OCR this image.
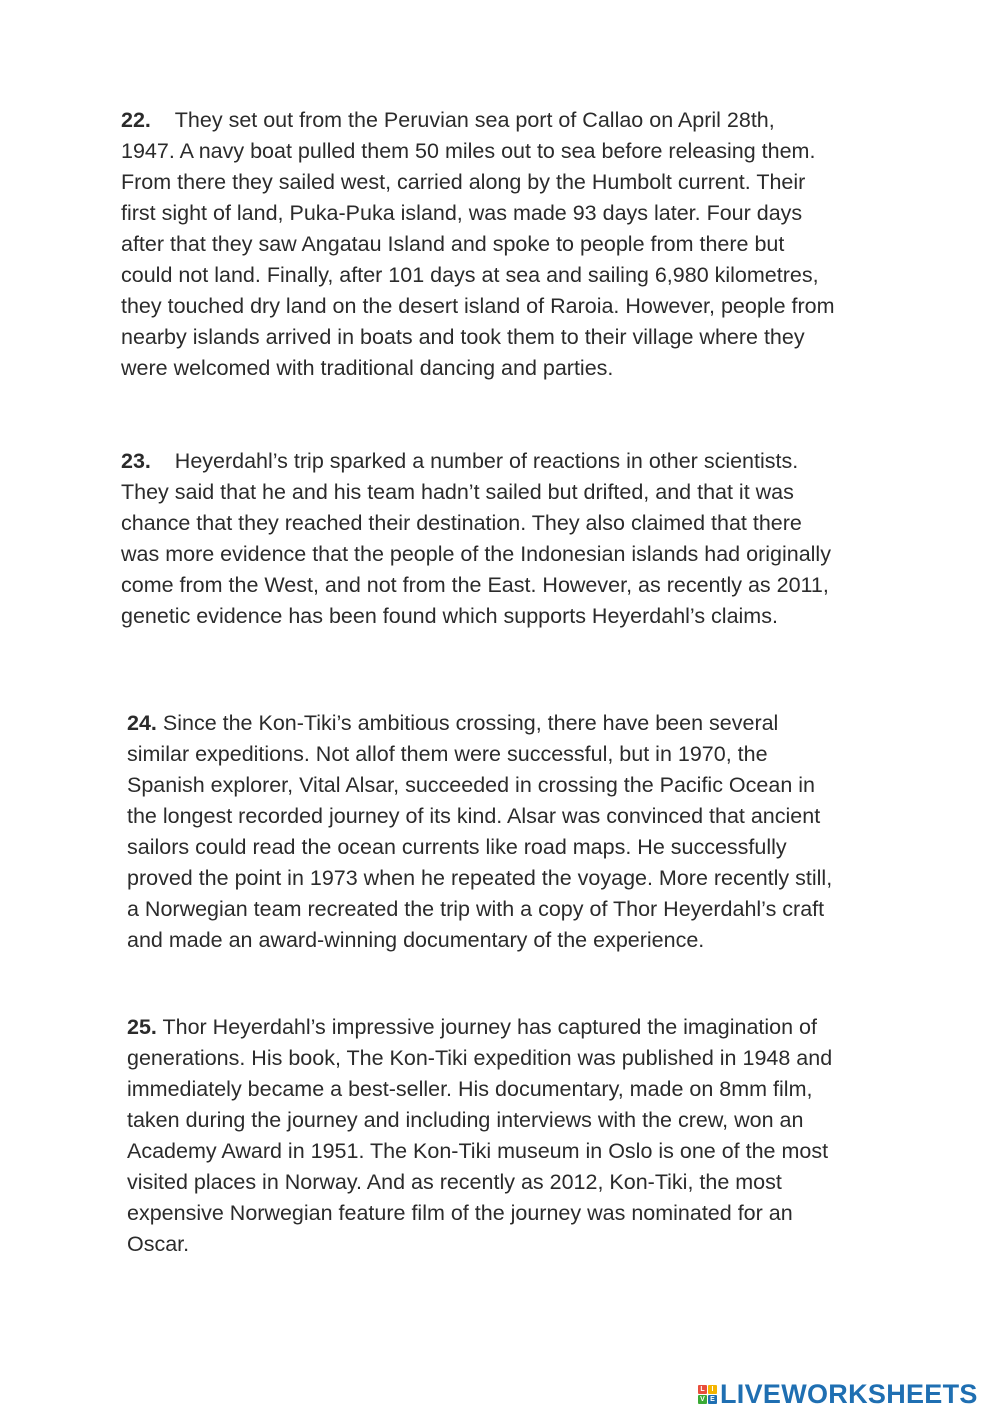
22. They set out from the Peruvian sea port of Callao on April 28th,
1947. A navy boat pulled them 50 miles out to sea before releasing them.
From there they sailed west, carried along by the Humbolt current. Their
first sight of land, Puka-Puka island, was made 93 days later. Four days
after that they saw Angatau Island and spoke to people from there but
could not land. Finally, after 101 days at sea and sailing 6,980 kilometres,
they touched dry land on the desert island of Raroia. However, people from
nearby islands arrived in boats and took them to their village where they
were welcomed with traditional dancing and parties.

23. Heyerdahl’s trip sparked a number of reactions in other scientists.
They said that he and his team hadn’t sailed but drifted, and that it was
chance that they reached their destination. They also claimed that there
was more evidence that the people of the Indonesian islands had originally
come from the West, and not from the East. However, as recently as 2011,
genetic evidence has been found which supports Heyerdahl’s claims.

24. Since the Kon-Tiki’s ambitious crossing, there have been several
similar expeditions. Not allof them were successful, but in 1970, the
Spanish explorer, Vital Alsar, succeeded in crossing the Pacific Ocean in
the longest recorded journey of its kind. Alsar was convinced that ancient
sailors could read the ocean currents like road maps. He successfully
proved the point in 1973 when he repeated the voyage. More recently still,
a Norwegian team recreated the trip with a copy of Thor Heyerdahl’s craft
and made an award-winning documentary of the experience.

25. Thor Heyerdahl’s impressive journey has captured the imagination of
generations. His book, The Kon-Tiki expedition was published in 1948 and
immediately became a best-seller. His documentary, made on 8mm film,
taken during the journey and including interviews with the crew, won an
Academy Award in 1951. The Kon-Tiki museum in Oslo is one of the most
visited places in Norway. And as recently as 2012, Kon-Tiki, the most
expensive Norwegian feature film of the journey was nominated for an
Oscar.

L I
V E LIVEWORKSHEETS
